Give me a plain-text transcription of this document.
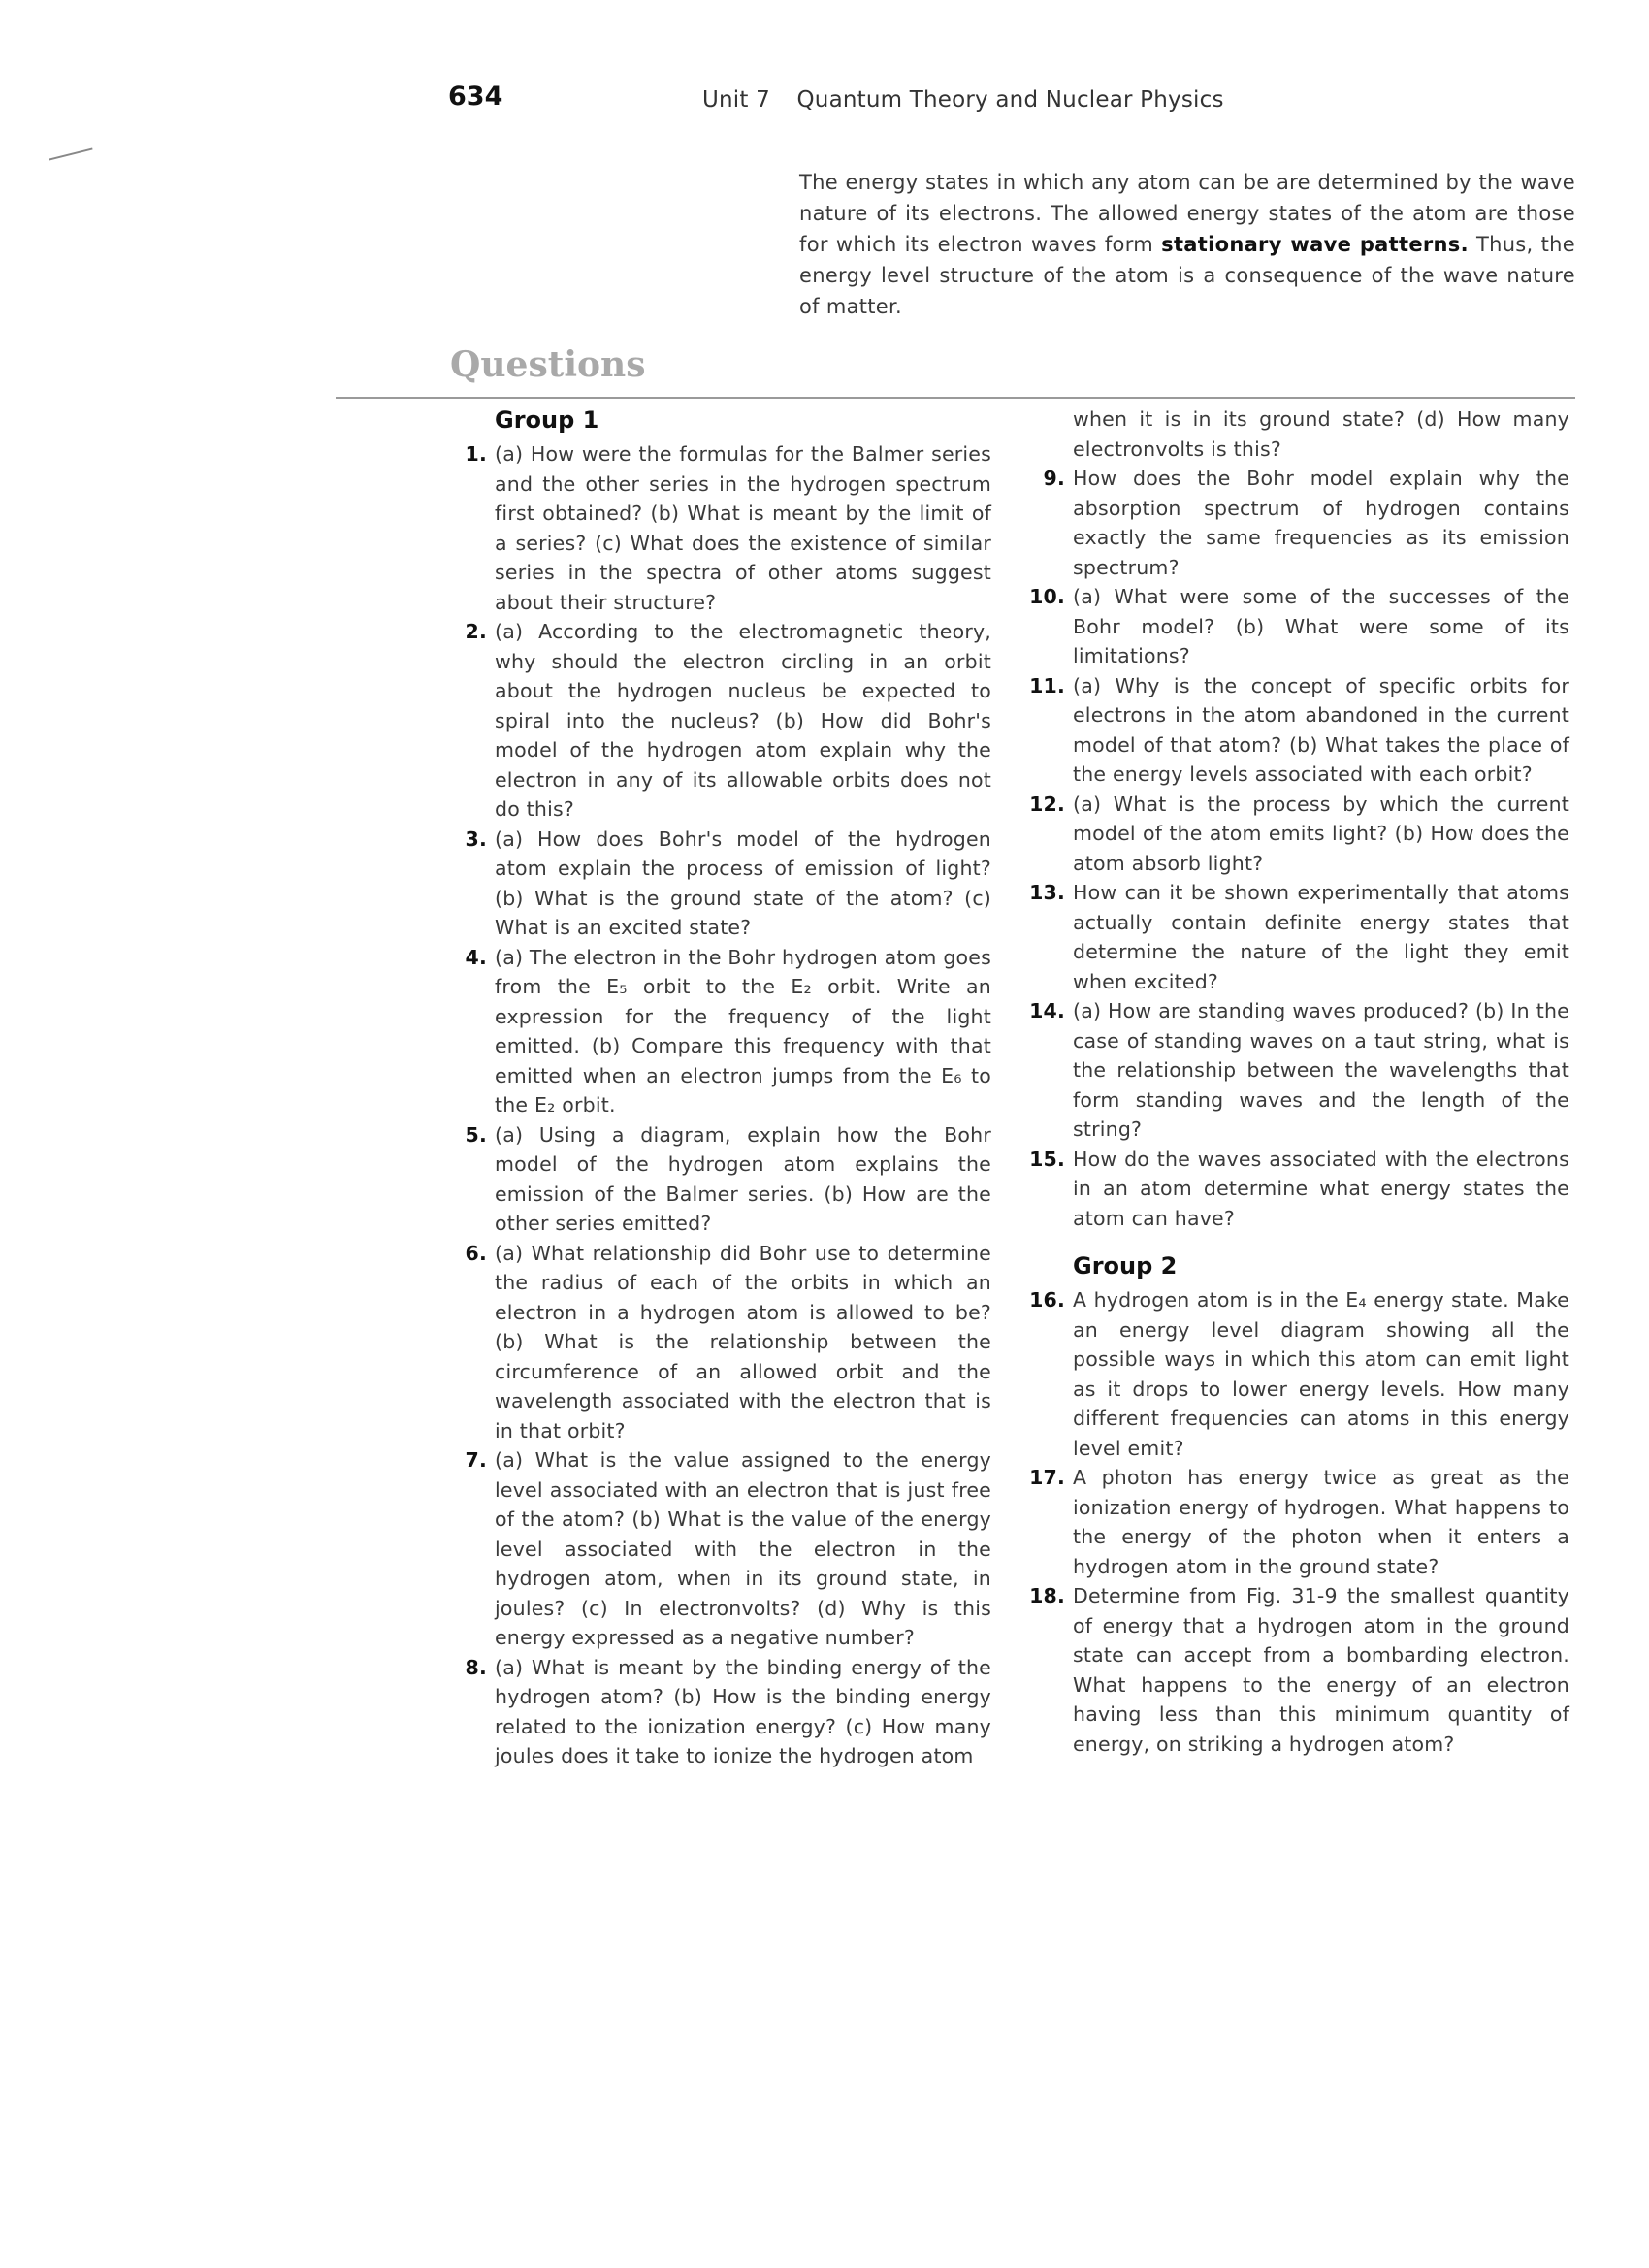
634	Unit 7 Quantum Theory and Nuclear Physics

The energy states in which any atom can be are determined by the wave nature of its electrons. The allowed energy states of the atom are those for which its electron waves form stationary wave patterns. Thus, the energy level structure of the atom is a consequence of the wave nature of matter.

Questions
Group 1
1. (a) How were the formulas for the Balmer series and the other series in the hydrogen spectrum first obtained? (b) What is meant by the limit of a series? (c) What does the existence of similar series in the spectra of other atoms suggest about their structure?
2. (a) According to the electromagnetic theory, why should the electron circling in an orbit about the hydrogen nucleus be expected to spiral into the nucleus? (b) How did Bohr's model of the hydrogen atom explain why the electron in any of its allowable orbits does not do this?
3. (a) How does Bohr's model of the hydrogen atom explain the process of emission of light? (b) What is the ground state of the atom? (c) What is an excited state?
4. (a) The electron in the Bohr hydrogen atom goes from the E₅ orbit to the E₂ orbit. Write an expression for the frequency of the light emitted. (b) Compare this frequency with that emitted when an electron jumps from the E₆ to the E₂ orbit.
5. (a) Using a diagram, explain how the Bohr model of the hydrogen atom explains the emission of the Balmer series. (b) How are the other series emitted?
6. (a) What relationship did Bohr use to determine the radius of each of the orbits in which an electron in a hydrogen atom is allowed to be? (b) What is the relationship between the circumference of an allowed orbit and the wavelength associated with the electron that is in that orbit?
7. (a) What is the value assigned to the energy level associated with an electron that is just free of the atom? (b) What is the value of the energy level associated with the electron in the hydrogen atom, when in its ground state, in joules? (c) In electronvolts? (d) Why is this energy expressed as a negative number?
8. (a) What is meant by the binding energy of the hydrogen atom? (b) How is the binding energy related to the ionization energy? (c) How many joules does it take to ionize the hydrogen atom

when it is in its ground state? (d) How many electronvolts is this?

9. How does the Bohr model explain why the absorption spectrum of hydrogen contains exactly the same frequencies as its emission spectrum?
10. (a) What were some of the successes of the Bohr model? (b) What were some of its limitations?
11. (a) Why is the concept of specific orbits for electrons in the atom abandoned in the current model of that atom? (b) What takes the place of the energy levels associated with each orbit?
12. (a) What is the process by which the current model of the atom emits light? (b) How does the atom absorb light?
13. How can it be shown experimentally that atoms actually contain definite energy states that determine the nature of the light they emit when excited?
14. (a) How are standing waves produced? (b) In the case of standing waves on a taut string, what is the relationship between the wavelengths that form standing waves and the length of the string?
15. How do the waves associated with the electrons in an atom determine what energy states the atom can have?
Group 2
16. A hydrogen atom is in the E₄ energy state. Make an energy level diagram showing all the possible ways in which this atom can emit light as it drops to lower energy levels. How many different frequencies can atoms in this energy level emit?
17. A photon has energy twice as great as the ionization energy of hydrogen. What happens to the energy of the photon when it enters a hydrogen atom in the ground state?
18. Determine from Fig. 31-9 the smallest quantity of energy that a hydrogen atom in the ground state can accept from a bombarding electron. What happens to the energy of an electron having less than this minimum quantity of energy, on striking a hydrogen atom?
